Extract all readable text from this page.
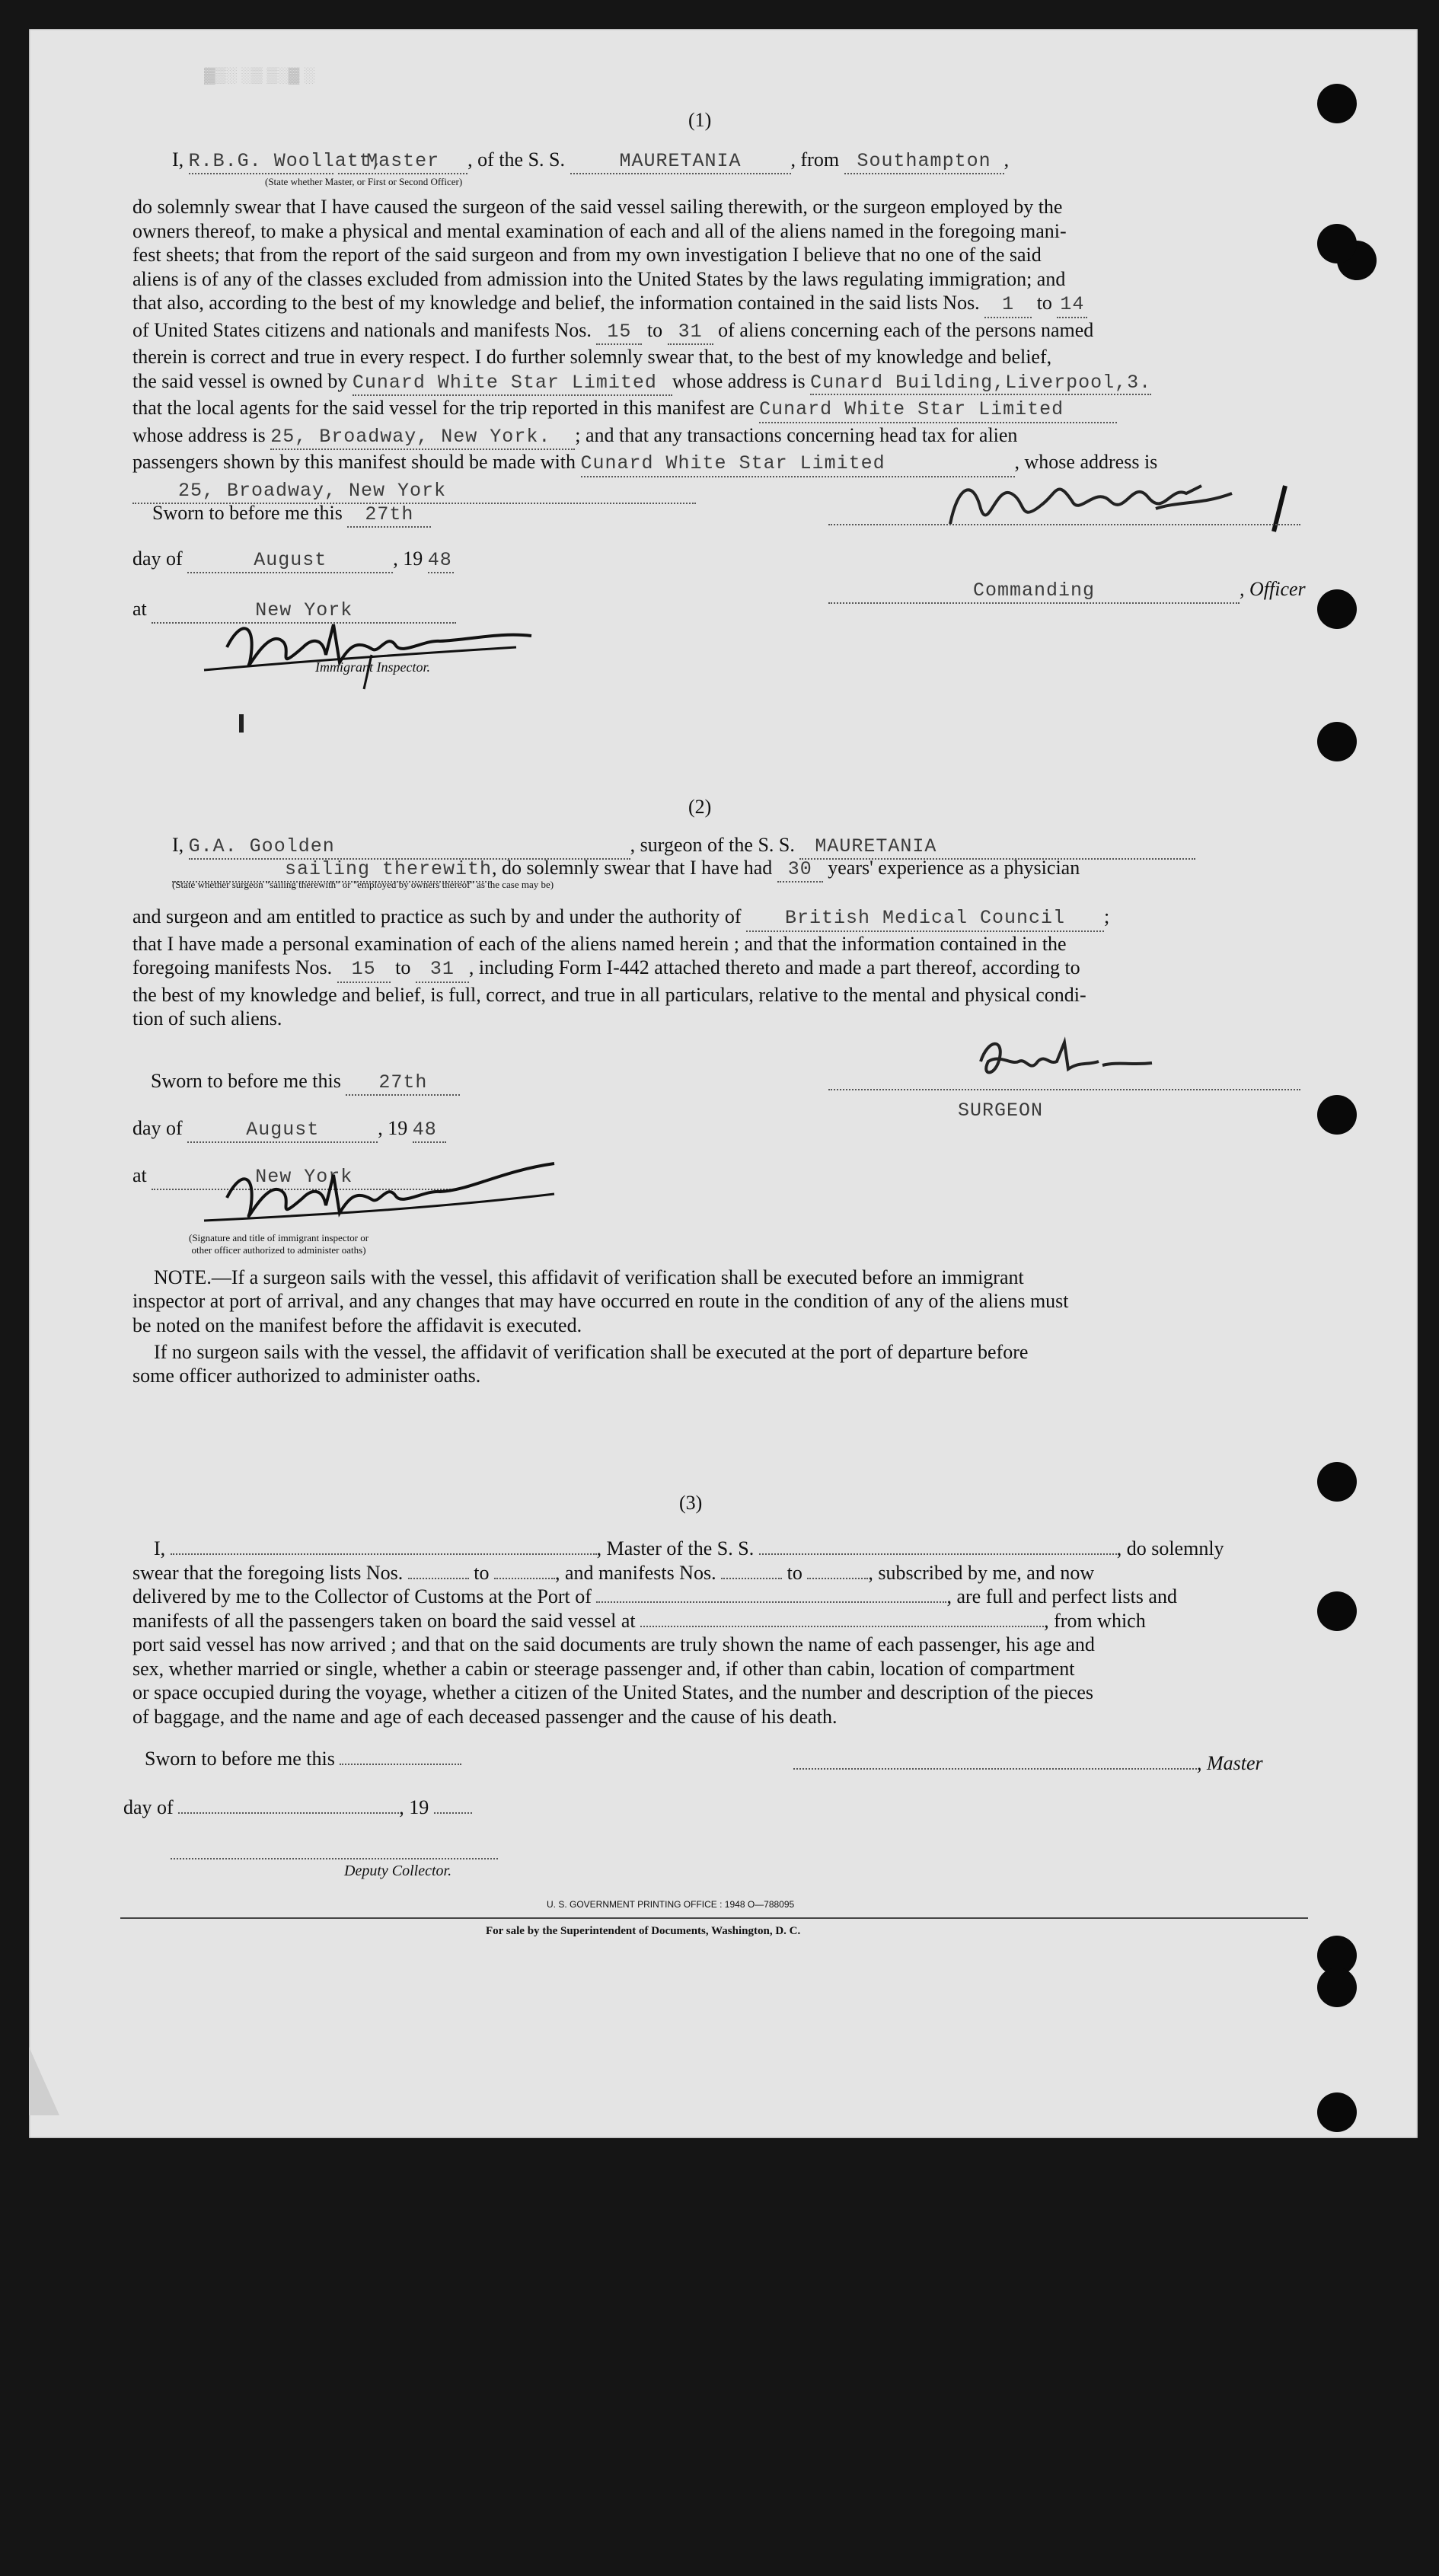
▓▒░ ░▒ ▒░▓ ░
(1)
I, R.B.G. Woollatt, Master , of the S. S.	MAURETANIA , from Southampton ,
(State whether Master, or First or Second Officer)
do solemnly swear that I have caused the surgeon of the said vessel sailing therewith, or the surgeon employed by the
owners thereof, to make a physical and mental examination of each and all of the aliens named in the foregoing mani-
fest sheets; that from the report of the said surgeon and from my own investigation I believe that no one of the said
aliens is of any of the classes excluded from admission into the United States by the laws regulating immigration; and
that also, according to the best of my knowledge and belief, the information contained in the said lists Nos. 1 to 14
of United States citizens and nationals and manifests Nos. 15 to 31 of aliens concerning each of the persons named
therein is correct and true in every respect. I do further solemnly swear that, to the best of my knowledge and belief,
the said vessel is owned by Cunard White Star Limited whose address is Cunard Building,Liverpool,3.
that the local agents for the said vessel for the trip reported in this manifest are Cunard White Star Limited
whose address is 25, Broadway, New York. ; and that any transactions concerning head tax for alien
passengers shown by this manifest should be made with Cunard White Star Limited	, whose address is
25, Broadway, New York
Sworn to before me this 27th
day of	August	, 19 48
at	New York
Immigrant Inspector.
Commanding	, Officer
(2)
I, G.A. Goolden	, surgeon of the S. S. MAURETANIA
sailing therewith, do solemnly swear that I have had 30 years' experience as a physician
(State whether surgeon "sailing therewith" or "employed by owners thereof" as the case may be)
and surgeon and am entitled to practice as such by and under the authority of British Medical Council ;
that I have made a personal examination of each of the aliens named herein ; and that the information contained in the
foregoing manifests Nos. 15 to 31 , including Form I-442 attached thereto and made a part thereof, according to
the best of my knowledge and belief, is full, correct, and true in all particulars, relative to the mental and physical condi-
tion of such aliens.
Sworn to before me this 27th
day of	August	, 19 48
at	New York
(Signature and title of immigrant inspector or
other officer authorized to administer oaths)
SURGEON
NOTE.—If a surgeon sails with the vessel, this affidavit of verification shall be executed before an immigrant
inspector at port of arrival, and any changes that may have occurred en route in the condition of any of the aliens must
be noted on the manifest before the affidavit is executed.
If no surgeon sails with the vessel, the affidavit of verification shall be executed at the port of departure before
some officer authorized to administer oaths.
(3)
I,	, Master of the S. S.	, do solemnly
swear that the foregoing lists Nos.	to	, and manifests Nos.	to	, subscribed by me, and now
delivered by me to the Collector of Customs at the Port of	, are full and perfect lists and
manifests of all the passengers taken on board the said vessel at	, from which
port said vessel has now arrived ; and that on the said documents are truly shown the name of each passenger, his age and
sex, whether married or single, whether a cabin or steerage passenger and, if other than cabin, location of compartment
or space occupied during the voyage, whether a citizen of the United States, and the number and description of the pieces
of baggage, and the name and age of each deceased passenger and the cause of his death.
Sworn to before me this	, Master
day of	, 19
Deputy Collector.
U. S. GOVERNMENT PRINTING OFFICE : 1948 O—788095
For sale by the Superintendent of Documents, Washington, D. C.
